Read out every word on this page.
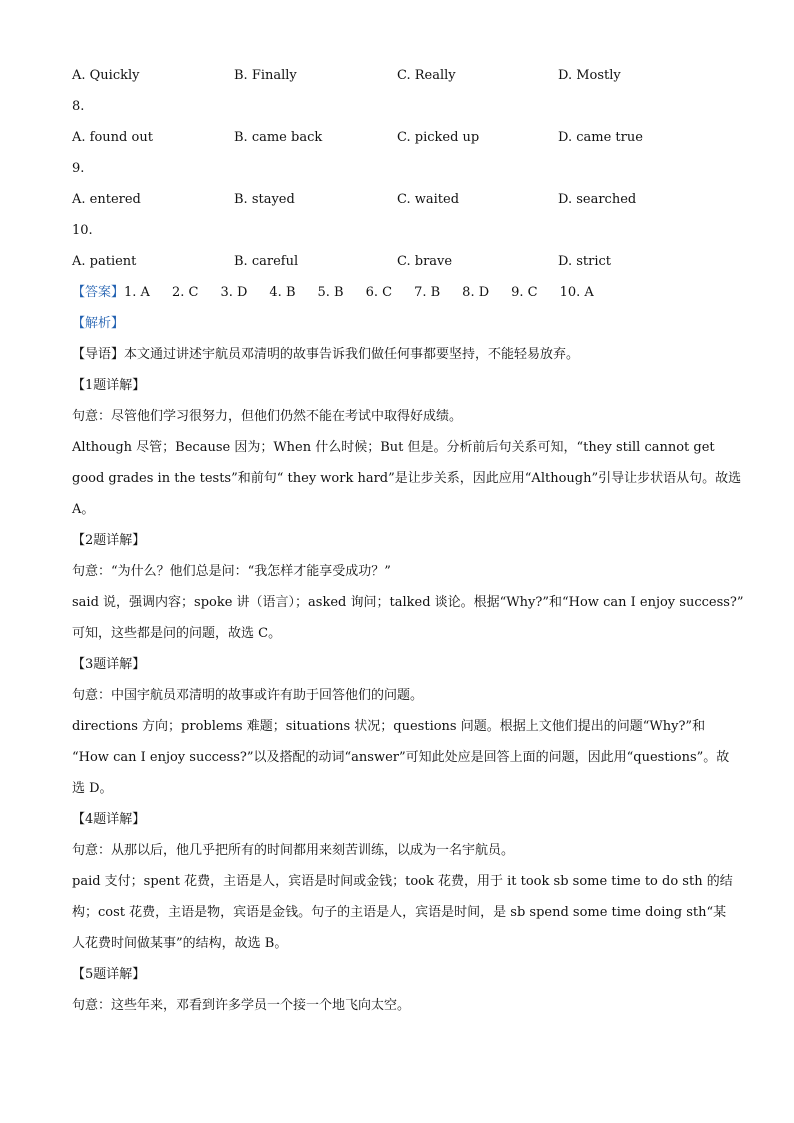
A. Quickly	B. Finally	C. Really	D. Mostly
8.
A. found out	B. came back	C. picked up	D. came true
9.
A. entered	B. stayed	C. waited	D. searched
10.
A. patient	B. careful	C. brave	D. strict
【答案】1. A 2. C 3. D 4. B 5. B 6. C 7. B 8. D 9. C 10. A
【解析】
【导语】本文通过讲述宇航员邓清明的故事告诉我们做任何事都要坚持，不能轻易放弃。
【1题详解】
句意：尽管他们学习很努力，但他们仍然不能在考试中取得好成绩。
Although 尽管；Because 因为；When 什么时候；But 但是。分析前后句关系可知，“they still cannot get
good grades in the tests”和前句“ they work hard”是让步关系，因此应用“Although”引导让步状语从句。故选
A。
【2题详解】
句意：“为什么？他们总是问：“我怎样才能享受成功？”
said 说，强调内容；spoke 讲（语言）；asked 询问；talked 谈论。根据“Why?”和“How can I enjoy success?”
可知，这些都是问的问题，故选 C。
【3题详解】
句意：中国宇航员邓清明的故事或许有助于回答他们的问题。
directions 方向；problems 难题；situations 状况；questions 问题。根据上文他们提出的问题“Why?”和
“How can I enjoy success?”以及搭配的动词“answer”可知此处应是回答上面的问题，因此用“questions”。故
选 D。
【4题详解】
句意：从那以后，他几乎把所有的时间都用来刻苦训练，以成为一名宇航员。
paid 支付；spent 花费，主语是人，宾语是时间或金钱；took 花费，用于 it took sb some time to do sth 的结
构；cost 花费，主语是物，宾语是金钱。句子的主语是人，宾语是时间，是 sb spend some time doing sth“某
人花费时间做某事”的结构，故选 B。
【5题详解】
句意：这些年来，邓看到许多学员一个接一个地飞向太空。
